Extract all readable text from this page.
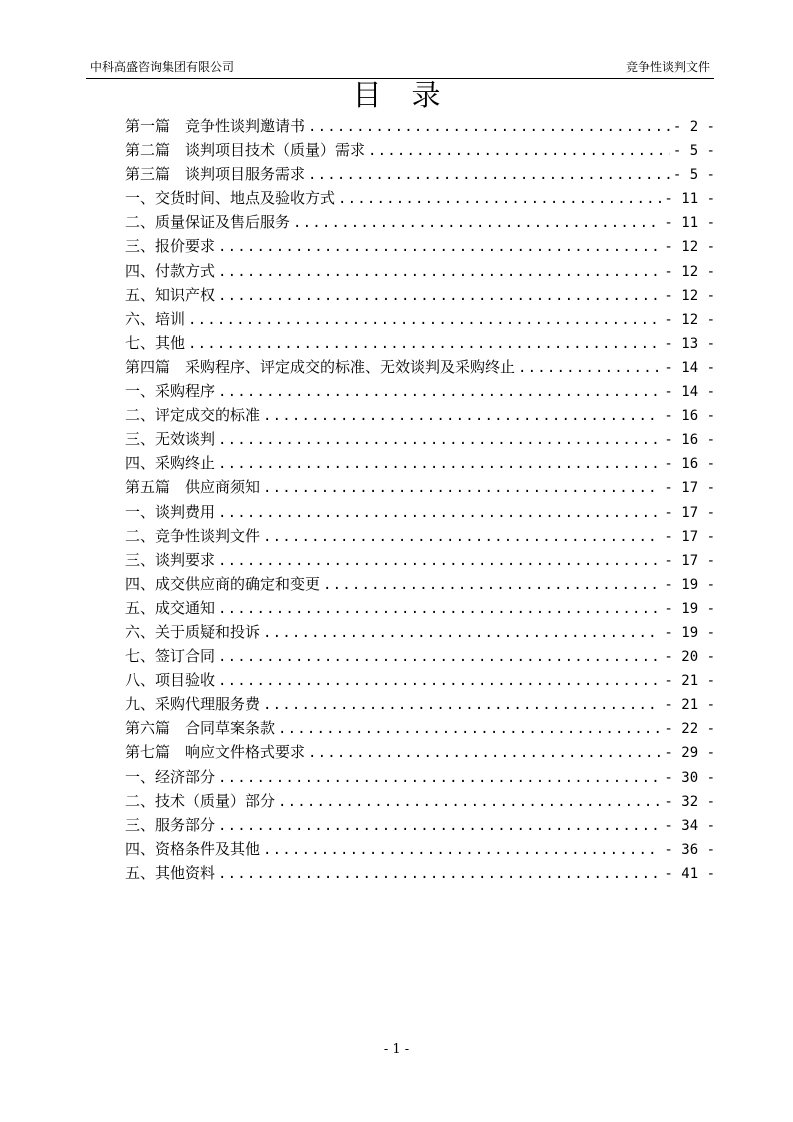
中科高盛咨询集团有限公司	竞争性谈判文件
目录
第一篇　竞争性谈判邀请书 .....	- 2 -
第二篇　谈判项目技术（质量）需求 .....	- 5 -
第三篇　谈判项目服务需求 .....	- 5 -
一、交货时间、地点及验收方式 .....	- 11 -
二、质量保证及售后服务 .....	- 11 -
三、报价要求 .....	- 12 -
四、付款方式 .....	- 12 -
五、知识产权 .....	- 12 -
六、培训 .....	- 12 -
七、其他 .....	- 13 -
第四篇　采购程序、评定成交的标准、无效谈判及采购终止 .....	- 14 -
一、采购程序 .....	- 14 -
二、评定成交的标准 .....	- 16 -
三、无效谈判 .....	- 16 -
四、采购终止 .....	- 16 -
第五篇　供应商须知 .....	- 17 -
一、谈判费用 .....	- 17 -
二、竞争性谈判文件 .....	- 17 -
三、谈判要求 .....	- 17 -
四、成交供应商的确定和变更 .....	- 19 -
五、成交通知 .....	- 19 -
六、关于质疑和投诉 .....	- 19 -
七、签订合同 .....	- 20 -
八、项目验收 .....	- 21 -
九、采购代理服务费 .....	- 21 -
第六篇　合同草案条款 .....	- 22 -
第七篇　响应文件格式要求 .....	- 29 -
一、经济部分 .....	- 30 -
二、技术（质量）部分 .....	- 32 -
三、服务部分 .....	- 34 -
四、资格条件及其他 .....	- 36 -
五、其他资料 .....	- 41 -
- 1 -
